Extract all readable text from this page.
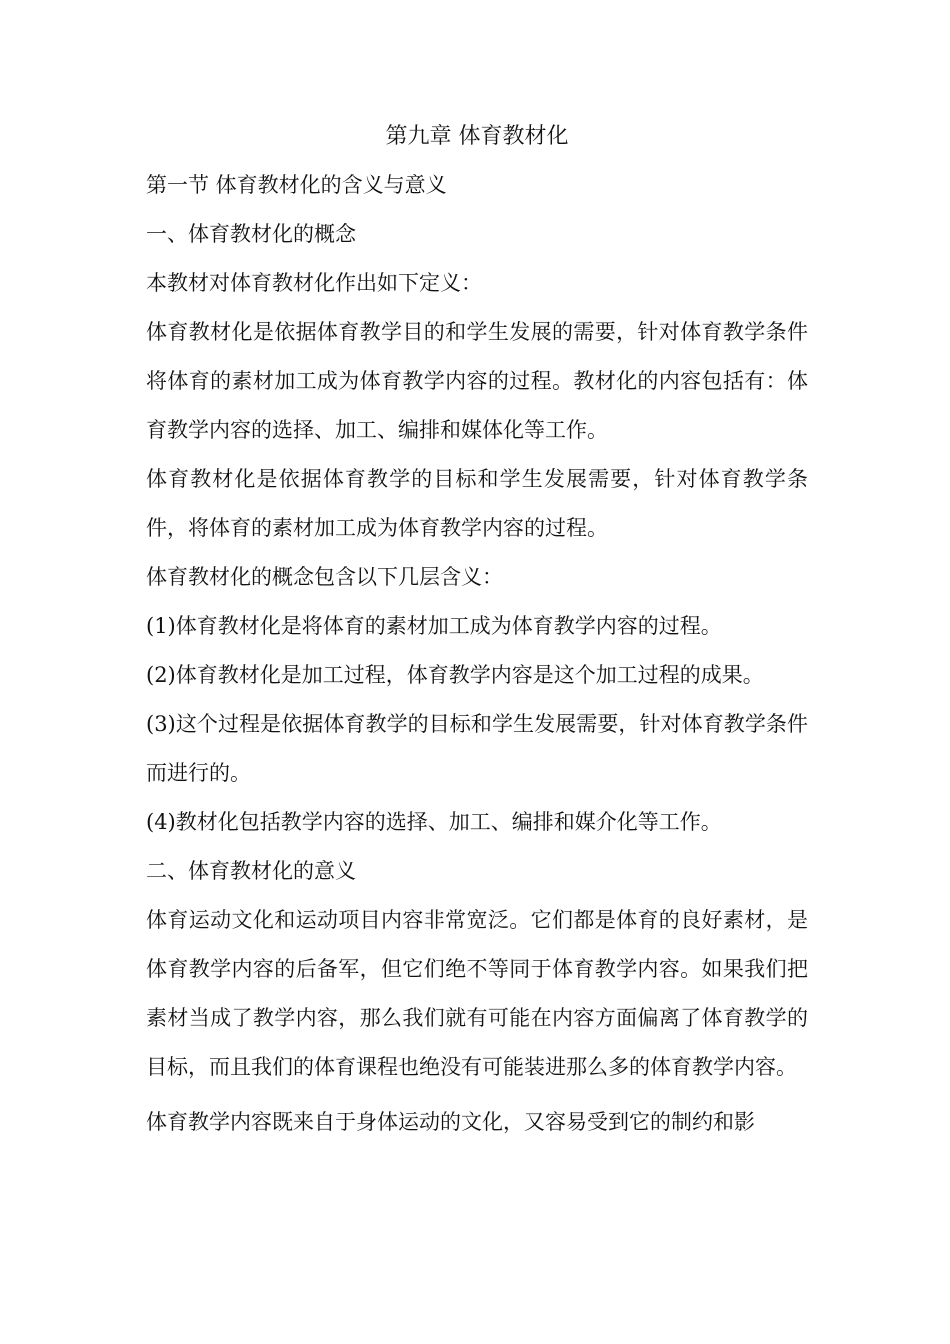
第九章 体育教材化

第一节 体育教材化的含义与意义

一、体育教材化的概念

本教材对体育教材化作出如下定义：

体育教材化是依据体育教学目的和学生发展的需要，针对体育教学条件将体育的素材加工成为体育教学内容的过程。教材化的内容包括有：体育教学内容的选择、加工、编排和媒体化等工作。

体育教材化是依据体育教学的目标和学生发展需要，针对体育教学条件，将体育的素材加工成为体育教学内容的过程。

体育教材化的概念包含以下几层含义：

(1)体育教材化是将体育的素材加工成为体育教学内容的过程。

(2)体育教材化是加工过程，体育教学内容是这个加工过程的成果。

(3)这个过程是依据体育教学的目标和学生发展需要，针对体育教学条件而进行的。

(4)教材化包括教学内容的选择、加工、编排和媒介化等工作。

二、体育教材化的意义

体育运动文化和运动项目内容非常宽泛。它们都是体育的良好素材，是体育教学内容的后备军，但它们绝不等同于体育教学内容。如果我们把素材当成了教学内容，那么我们就有可能在内容方面偏离了体育教学的目标，而且我们的体育课程也绝没有可能装进那么多的体育教学内容。

体育教学内容既来自于身体运动的文化，又容易受到它的制约和影
